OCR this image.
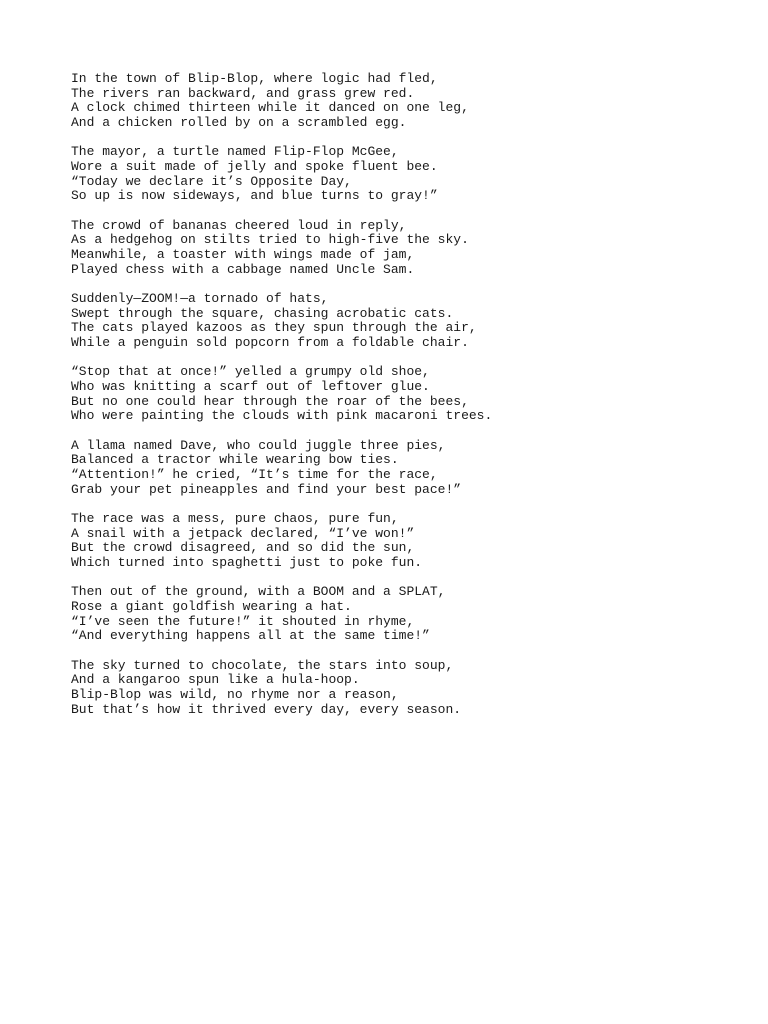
In the town of Blip-Blop, where logic had fled,
The rivers ran backward, and grass grew red.
A clock chimed thirteen while it danced on one leg,
And a chicken rolled by on a scrambled egg.
The mayor, a turtle named Flip-Flop McGee,
Wore a suit made of jelly and spoke fluent bee.
“Today we declare it’s Opposite Day,
So up is now sideways, and blue turns to gray!”
The crowd of bananas cheered loud in reply,
As a hedgehog on stilts tried to high-five the sky.
Meanwhile, a toaster with wings made of jam,
Played chess with a cabbage named Uncle Sam.
Suddenly—ZOOM!—a tornado of hats,
Swept through the square, chasing acrobatic cats.
The cats played kazoos as they spun through the air,
While a penguin sold popcorn from a foldable chair.
“Stop that at once!” yelled a grumpy old shoe,
Who was knitting a scarf out of leftover glue.
But no one could hear through the roar of the bees,
Who were painting the clouds with pink macaroni trees.
A llama named Dave, who could juggle three pies,
Balanced a tractor while wearing bow ties.
“Attention!” he cried, “It’s time for the race,
Grab your pet pineapples and find your best pace!”
The race was a mess, pure chaos, pure fun,
A snail with a jetpack declared, “I’ve won!”
But the crowd disagreed, and so did the sun,
Which turned into spaghetti just to poke fun.
Then out of the ground, with a BOOM and a SPLAT,
Rose a giant goldfish wearing a hat.
“I’ve seen the future!” it shouted in rhyme,
“And everything happens all at the same time!”
The sky turned to chocolate, the stars into soup,
And a kangaroo spun like a hula-hoop.
Blip-Blop was wild, no rhyme nor a reason,
But that’s how it thrived every day, every season.
